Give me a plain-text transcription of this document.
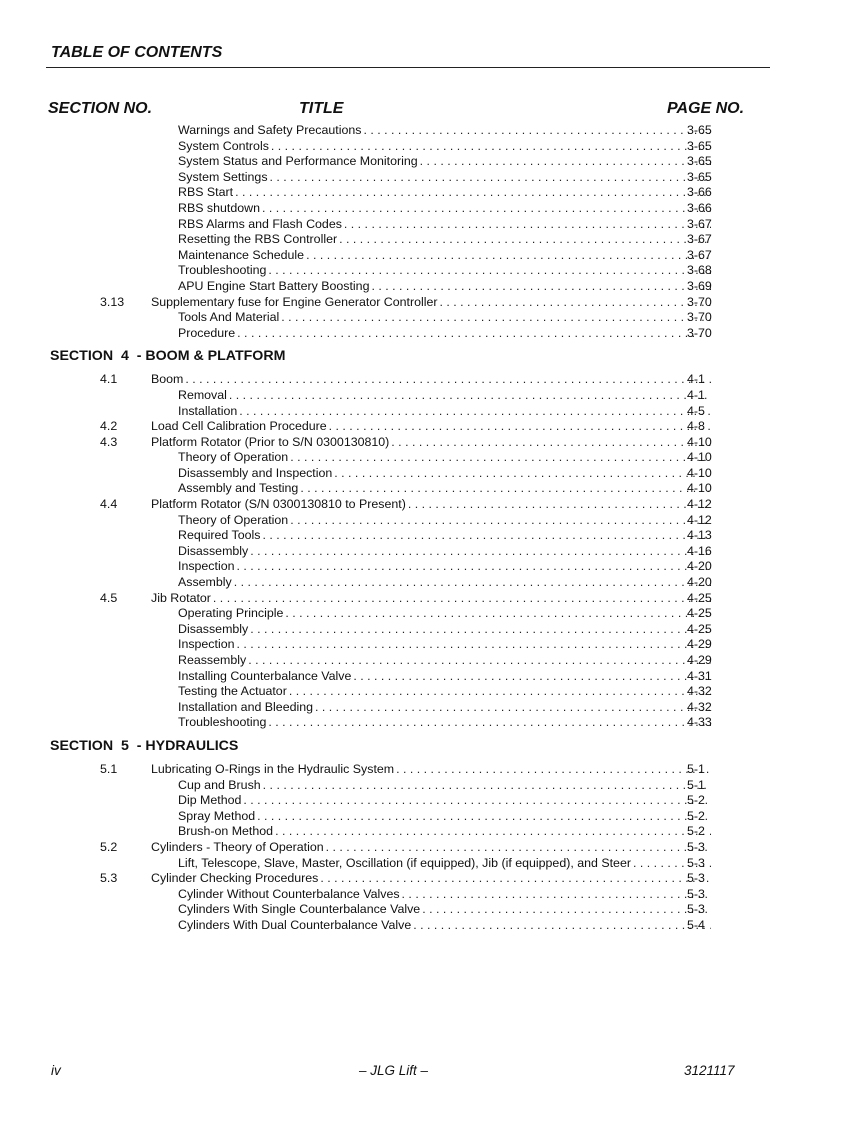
TABLE OF CONTENTS
SECTION NO.	TITLE	PAGE NO.
Warnings and Safety Precautions . . .	3-65
System Controls . . .	3-65
System Status and Performance Monitoring . . .	3-65
System Settings . . .	3-65
RBS Start . . .	3-66
RBS shutdown . . .	3-66
RBS Alarms and Flash Codes . . .	3-67
Resetting the RBS Controller . . .	3-67
Maintenance Schedule . . .	3-67
Troubleshooting . . .	3-68
APU Engine Start Battery Boosting . . .	3-69
3.13	Supplementary fuse for Engine Generator Controller . . .	3-70
Tools And Material . . .	3-70
Procedure . . .	3-70
SECTION  4  - BOOM & PLATFORM
4.1	Boom . . .	4-1
Removal . . .	4-1
Installation . . .	4-5
4.2	Load Cell Calibration Procedure . . .	4-8
4.3	Platform Rotator (Prior to S/N 0300130810) . . .	4-10
Theory of Operation . . .	4-10
Disassembly and Inspection . . .	4-10
Assembly and Testing . . .	4-10
4.4	Platform Rotator (S/N 0300130810 to Present) . . .	4-12
Theory of Operation . . .	4-12
Required Tools . . .	4-13
Disassembly . . .	4-16
Inspection . . .	4-20
Assembly . . .	4-20
4.5	Jib Rotator . . .	4-25
Operating Principle . . .	4-25
Disassembly . . .	4-25
Inspection . . .	4-29
Reassembly . . .	4-29
Installing Counterbalance Valve . . .	4-31
Testing the Actuator . . .	4-32
Installation and Bleeding . . .	4-32
Troubleshooting . . .	4-33
SECTION  5  - HYDRAULICS
5.1	Lubricating O-Rings in the Hydraulic System . . .	5-1
Cup and Brush . . .	5-1
Dip Method . . .	5-2
Spray Method . . .	5-2
Brush-on Method . . .	5-2
5.2	Cylinders - Theory of Operation . . .	5-3
Lift, Telescope, Slave, Master, Oscillation (if equipped), Jib (if equipped), and Steer . . .	5-3
5.3	Cylinder Checking Procedures . . .	5-3
Cylinder Without Counterbalance Valves . . .	5-3
Cylinders With Single Counterbalance Valve . . .	5-3
Cylinders With Dual Counterbalance Valve . . .	5-4
iv	– JLG Lift –	3121117
